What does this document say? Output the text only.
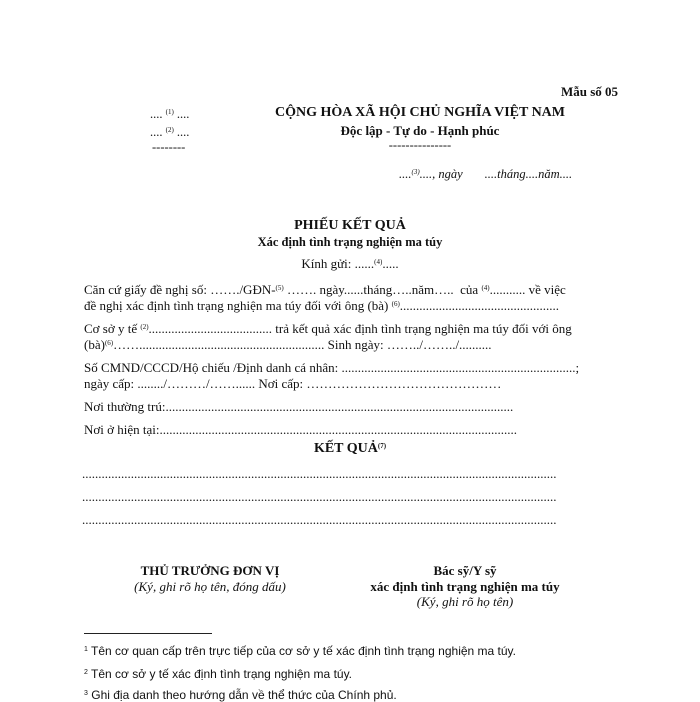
Mẫu số 05
.... $^{(1)}$ ....
.... $^{(2)}$ ....
--------
CỘNG HÒA XÃ HỘI CHỦ NGHĨA VIỆT NAM
Độc lập - Tự do - Hạnh phúc
---------------
....$^{(3)}$...., ngày       ....tháng....năm....
PHIẾU KẾT QUẢ
Xác định tình trạng nghiện ma túy
Kính gửi: ......$^{(4)}$.....
Căn cứ giấy đề nghị số: ……./GĐN-$^{(5)}$ ……. ngày......tháng…..năm…..  của $^{(4)}$........... về việc
đề nghị xác định tình trạng nghiện ma túy đối với ông (bà) $^{(6)}$.................................................
Cơ sở y tế $^{(2)}$...................................... trả kết quả xác định tình trạng nghiện ma túy đối với ông
(bà)$^{(6)}$……......................................................... Sinh ngày: ……../……../..........
Số CMND/CCCD/Hộ chiếu /Định danh cá nhân: ........................................................................;
ngày cấp: ......../………/……...... Nơi cấp: ………………………………………
Nơi thường trú:...........................................................................................................
Nơi ở hiện tại:..............................................................................................................
KẾT QUẢ$^{(7)}$
..................................................................................................................................................
..................................................................................................................................................
..................................................................................................................................................
THỦ TRƯỞNG ĐƠN VỊ
(Ký, ghi rõ họ tên, đóng dấu)
Bác sỹ/Y sỹ
xác định tình trạng nghiện ma túy
(Ký, ghi rõ họ tên)
$^1$ Tên cơ quan cấp trên trực tiếp của cơ sở y tế xác định tình trạng nghiện ma túy.
$^2$ Tên cơ sở y tế xác định tình trạng nghiện ma túy.
$^3$ Ghi địa danh theo hướng dẫn về thể thức của Chính phủ.
